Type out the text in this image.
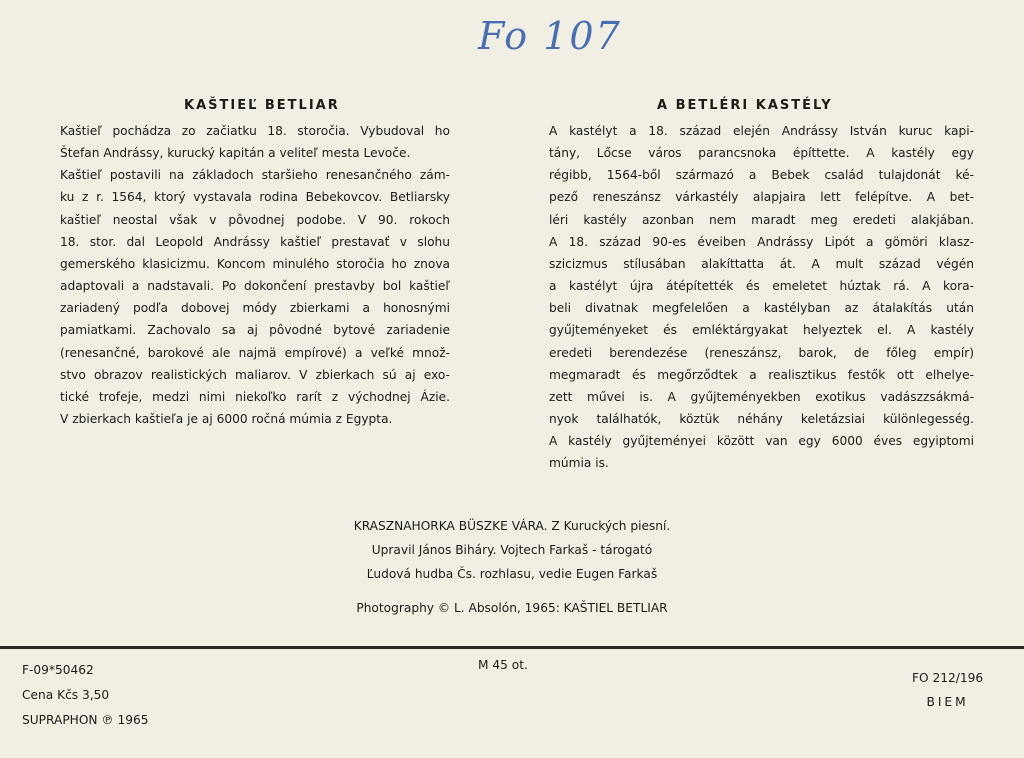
Fo 107
KAŠTIEĽ BETLIAR	A BETLÉRI KASTÉLY
Kaštieľ pochádza zo začiatku 18. storočia. Vybudoval ho
Štefan Andrássy, kurucký kapitán a veliteľ mesta Levoče.
Kaštieľ postavili na základoch staršieho renesančného zám-
ku z r. 1564, ktorý vystavala rodina Bebekovcov. Betliarsky
kaštieľ neostal však v pôvodnej podobe. V 90. rokoch
18. stor. dal Leopold Andrássy kaštieľ prestavať v slohu
gemerského klasicizmu. Koncom minulého storočia ho znova
adaptovali a nadstavali. Po dokončení prestavby bol kaštieľ
zariadený podľa dobovej módy zbierkami a honosnými
pamiatkami. Zachovalo sa aj pôvodné bytové zariadenie
(renesančné, barokové ale najmä empírové) a veľké množ-
stvo obrazov realistických maliarov. V zbierkach sú aj exo-
tické trofeje, medzi nimi niekoľko rarít z východnej Ázie.
V zbierkach kaštieľa je aj 6000 ročná múmia z Egypta.
A kastélyt a 18. század elején Andrássy István kuruc kapi-
tány, Lőcse város parancsnoka építtette. A kastély egy
régibb, 1564-ből származó a Bebek család tulajdonát ké-
pező reneszánsz várkastély alapjaira lett felépítve. A bet-
léri kastély azonban nem maradt meg eredeti alakjában.
A 18. század 90-es éveiben Andrássy Lipót a gömöri klasz-
szicizmus stílusában alakíttatta át. A mult század végén
a kastélyt újra átépítették és emeletet húztak rá. A kora-
beli divatnak megfelelően a kastélyban az átalakítás után
gyűjteményeket és emléktárgyakat helyeztek el. A kastély
eredeti berendezése (reneszánsz, barok, de főleg empír)
megmaradt és megőrződtek a realisztikus festők ott elhelye-
zett művei is. A gyűjteményekben exotikus vadászzsákmá-
nyok találhatók, köztük néhány keletázsiai különlegesség.
A kastély gyűjteményei között van egy 6000 éves egyiptomi
múmia is.
KRASZNAHORKA BÜSZKE VÁRA. Z Kuruckých piesní.
Upravil János Biháry. Vojtech Farkaš - tárogató
Ľudová hudba Čs. rozhlasu, vedie Eugen Farkaš
Photography © L. Absolón, 1965: KAŠTIEL BETLIAR
F-09*50462
Cena Kčs 3,50
SUPRAPHON ℗ 1965
M 45 ot.
FO 212/196
BIEM
